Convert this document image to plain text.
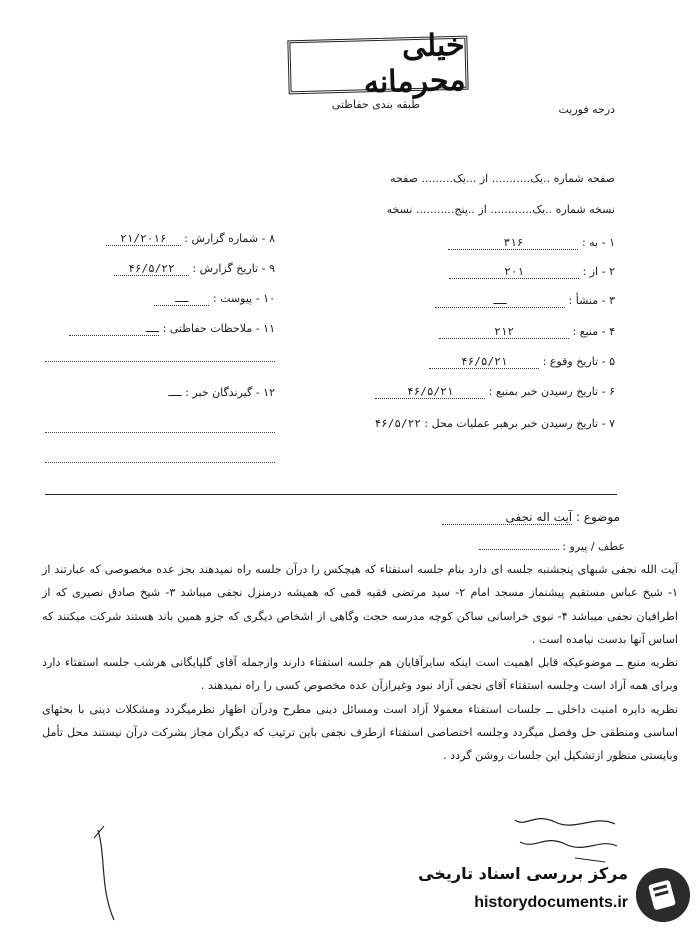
خیلی محرمانه
طبقه بندی حفاظتی	درجه فوریت
صفحه شماره ..یک........... از ...یک......... صفحه
نسخه شماره ..یک............ از ..پنج........... نسخه
۱ - به : ۳۱۶
۲ - از : ۲۰۱
۳ - منشأ : ــ
۴ - منبع : ۲۱۲
۵ - تاریخ وقوع : ۴۶/۵/۲۱
۶ - تاریخ رسیدن خبر بمنبع : ۴۶/۵/۲۱
۷ - تاریخ رسیدن خبر برهبر عملیات محل : ۴۶/۵/۲۲
۸ - شماره گزارش : ۲۱/۲۰۱۶
۹ - تاریخ گزارش : ۴۶/۵/۲۲
۱۰ - پیوست : ــ
۱۱ - ملاحظات حفاظتی : ــ
۱۲ - گیرندگان خبر : ــ
موضوع : آیت اله نجفی
عطف / پیرو :

آیت الله نجفی شبهای پنجشنبه جلسه ای دارد بنام جلسه استفتاء که هیچکس را درآن جلسه راه نمیدهند بجز عده مخصوصی که عبارتند از ۱- شیخ عباس مستقیم پیشنماز مسجد امام ۲- سید مرتضی فقیه قمی که همیشه درمنزل نجفی میباشد ۳- شیخ صادق نصیری که از اطرافیان نجفی میباشد ۴- نبوی خراسانی ساکن کوچه مدرسه حجت وگاهی از اشخاص دیگری که جزو همین باند هستند شرکت میکنند که اساس آنها بدست نیامده است .

نظریه منبع ــ موضوعیکه قابل اهمیت است اینکه سایرآقایان هم جلسه استفتاء دارند وازجمله آقای گلپایگانی هرشب جلسه استفتاء دارد وبرای همه آزاد است وجلسه استفتاء آقای نجفی آزاد نبود وغیرازآن عده مخصوص کسی را راه نمیدهند .

نظریه دایره امنیت داخلی ــ جلسات استفتاء معمولا آزاد است ومسائل دینی مطرح ودرآن اظهار نظرمیگردد ومشکلات دینی با بحثهای اساسی ومنطقی حل وفصل میگردد وجلسه اختصاصی استفتاء ازطرف نجفی باین ترتیب که دیگران مجاز بشرکت درآن نیستند محل تأمل وبایستی منظور ازتشکیل این جلسات روشن گردد .

مرکز بررسی اسناد تاریخی
historydocuments.ir
